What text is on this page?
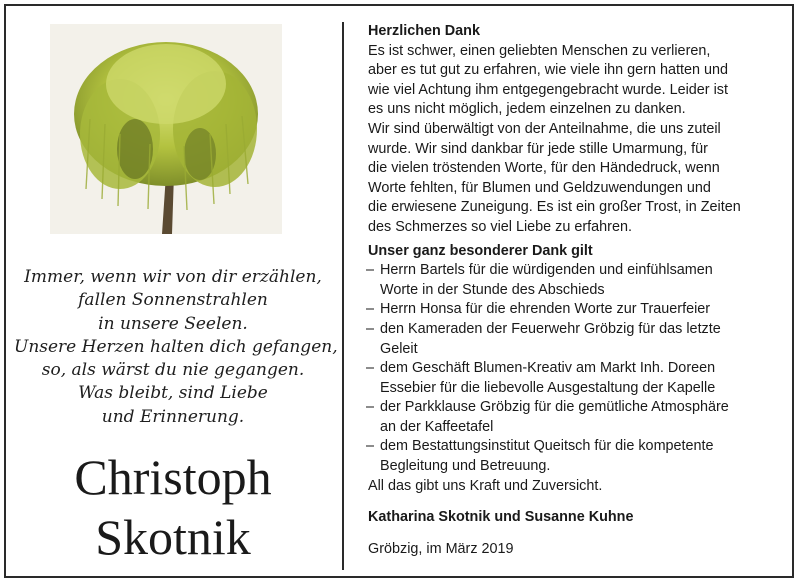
Immer, wenn wir von dir erzählen,
fallen Sonnenstrahlen
in unsere Seelen.
Unsere Herzen halten dich gefangen,
so, als wärst du nie gegangen.
Was bleibt, sind Liebe
und Erinnerung.
Christoph
Skotnik
Herzlichen Dank
Es ist schwer, einen geliebten Menschen zu verlieren,
aber es tut gut zu erfahren, wie viele ihn gern hatten und
wie viel Achtung ihm entgegengebracht wurde. Leider ist
es uns nicht möglich, jedem einzelnen zu danken.
Wir sind überwältigt von der Anteilnahme, die uns zuteil
wurde. Wir sind dankbar für jede stille Umarmung, für
die vielen tröstenden Worte, für den Händedruck, wenn
Worte fehlten, für Blumen und Geldzuwendungen und
die erwiesene Zuneigung. Es ist ein großer Trost, in Zeiten
des Schmerzes so viel Liebe zu erfahren.
Unser ganz besonderer Dank gilt
– Herrn Bartels für die würdigenden und einfühlsamen
Worte in der Stunde des Abschieds
– Herrn Honsa für die ehrenden Worte zur Trauerfeier
– den Kameraden der Feuerwehr Gröbzig für das letzte
Geleit
– dem Geschäft Blumen-Kreativ am Markt Inh. Doreen
Essebier für die liebevolle Ausgestaltung der Kapelle
– der Parkklause Gröbzig für die gemütliche Atmosphäre
an der Kaffeetafel
– dem Bestattungsinstitut Queitsch für die kompetente
Begleitung und Betreuung.
All das gibt uns Kraft und Zuversicht.
Katharina Skotnik und Susanne Kuhne
Gröbzig, im März 2019
